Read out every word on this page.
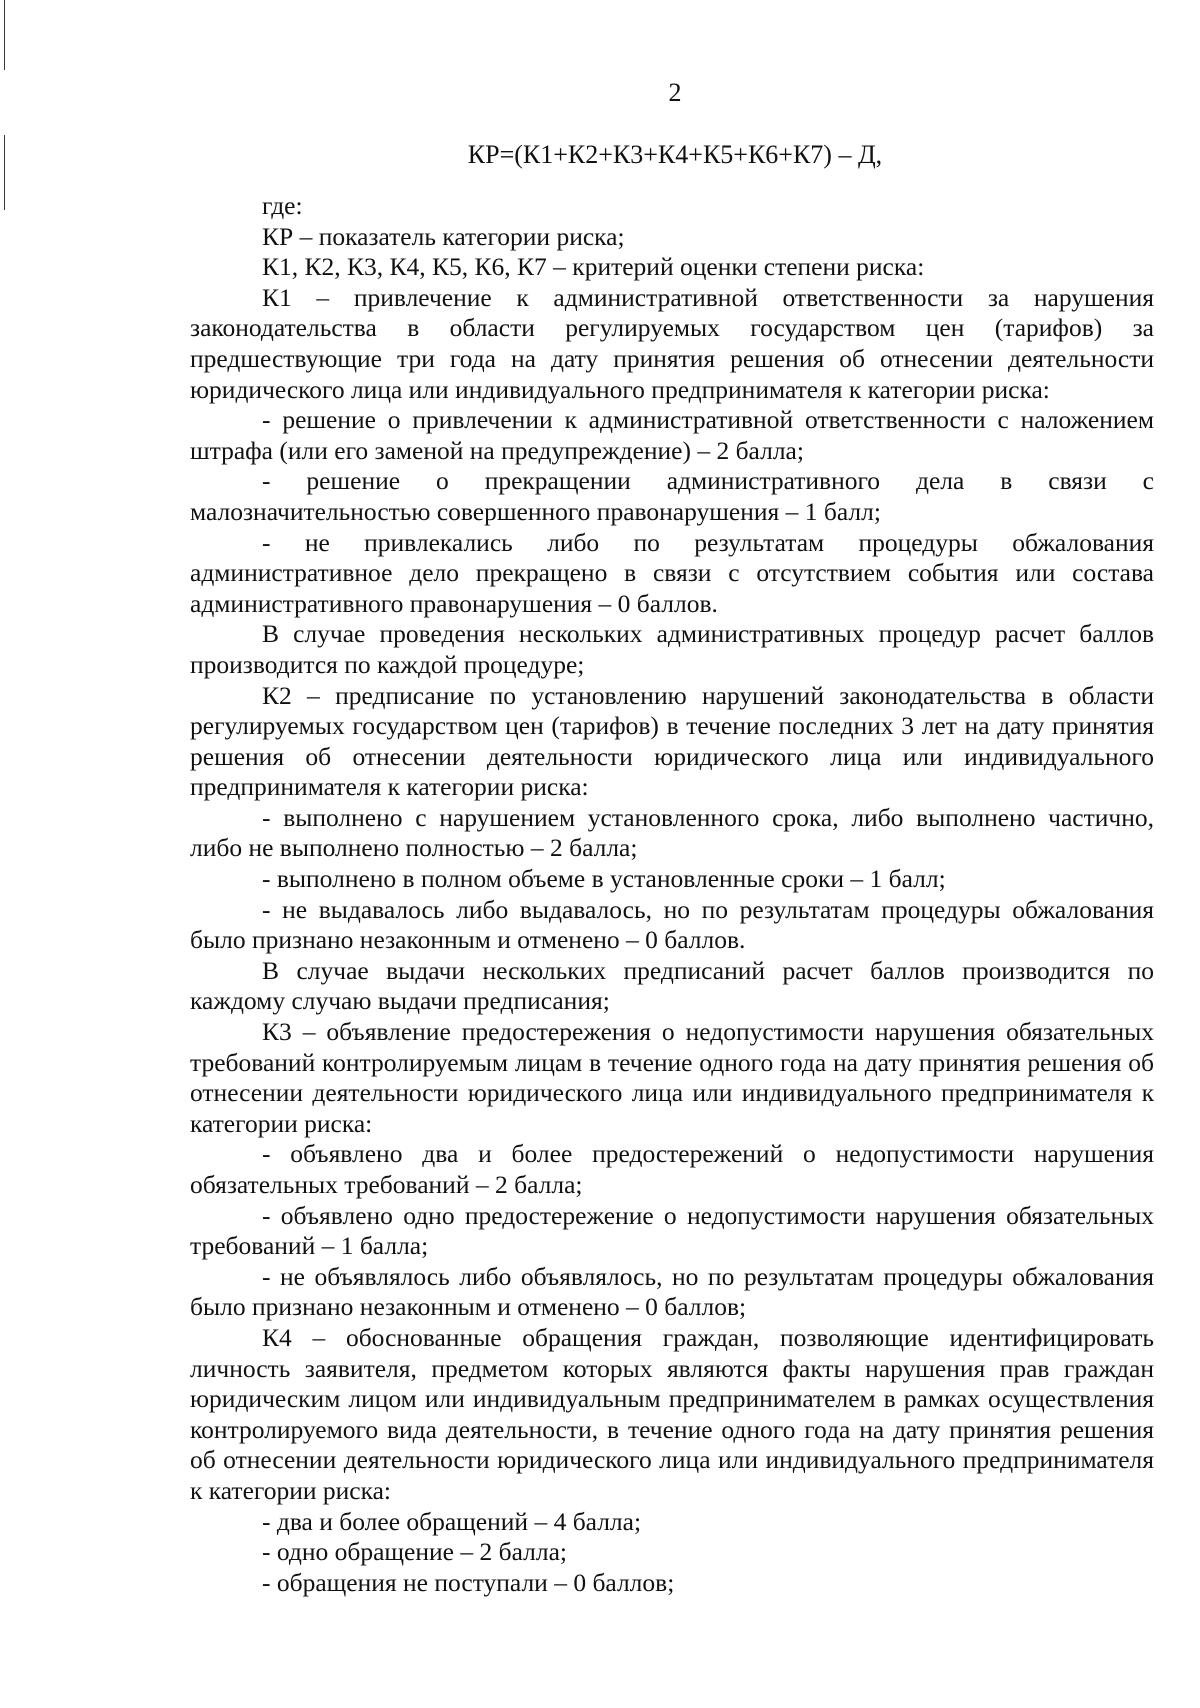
2
КР=(К1+К2+К3+К4+К5+К6+К7) – Д,

где:

КР – показатель категории риска;

К1, К2, К3, К4, К5, К6, К7 – критерий оценки степени риска:

К1 – привлечение к административной ответственности за нарушения законодательства в области регулируемых государством цен (тарифов) за предшествующие три года на дату принятия решения об отнесении деятельности юридического лица или индивидуального предпринимателя к категории риска:

- решение о привлечении к административной ответственности с наложением штрафа (или его заменой на предупреждение) – 2 балла;

- решение о прекращении административного дела в связи с малозначительностью совершенного правонарушения – 1 балл;

- не привлекались либо по результатам процедуры обжалования административное дело прекращено в связи с отсутствием события или состава административного правонарушения – 0 баллов.

В случае проведения нескольких административных процедур расчет баллов производится по каждой процедуре;

К2 – предписание по установлению нарушений законодательства в области регулируемых государством цен (тарифов) в течение последних 3 лет на дату принятия решения об отнесении деятельности юридического лица или индивидуального предпринимателя к категории риска:

- выполнено с нарушением установленного срока, либо выполнено частично, либо не выполнено полностью – 2 балла;

- выполнено в полном объеме в установленные сроки – 1 балл;

- не выдавалось либо выдавалось, но по результатам процедуры обжалования было признано незаконным и отменено – 0 баллов.

В случае выдачи нескольких предписаний расчет баллов производится по каждому случаю выдачи предписания;

К3 – объявление предостережения о недопустимости нарушения обязательных требований контролируемым лицам в течение одного года на дату принятия решения об отнесении деятельности юридического лица или индивидуального предпринимателя к категории риска:

- объявлено два и более предостережений о недопустимости нарушения обязательных требований – 2 балла;

- объявлено одно предостережение о недопустимости нарушения обязательных требований – 1 балла;

- не объявлялось либо объявлялось, но по результатам процедуры обжалования было признано незаконным и отменено – 0 баллов;

К4 – обоснованные обращения граждан, позволяющие идентифицировать личность заявителя, предметом которых являются факты нарушения прав граждан юридическим лицом или индивидуальным предпринимателем в рамках осуществления контролируемого вида деятельности, в течение одного года на дату принятия решения об отнесении деятельности юридического лица или индивидуального предпринимателя к категории риска:

- два и более обращений – 4 балла;

- одно обращение – 2 балла;

- обращения не поступали – 0 баллов;
